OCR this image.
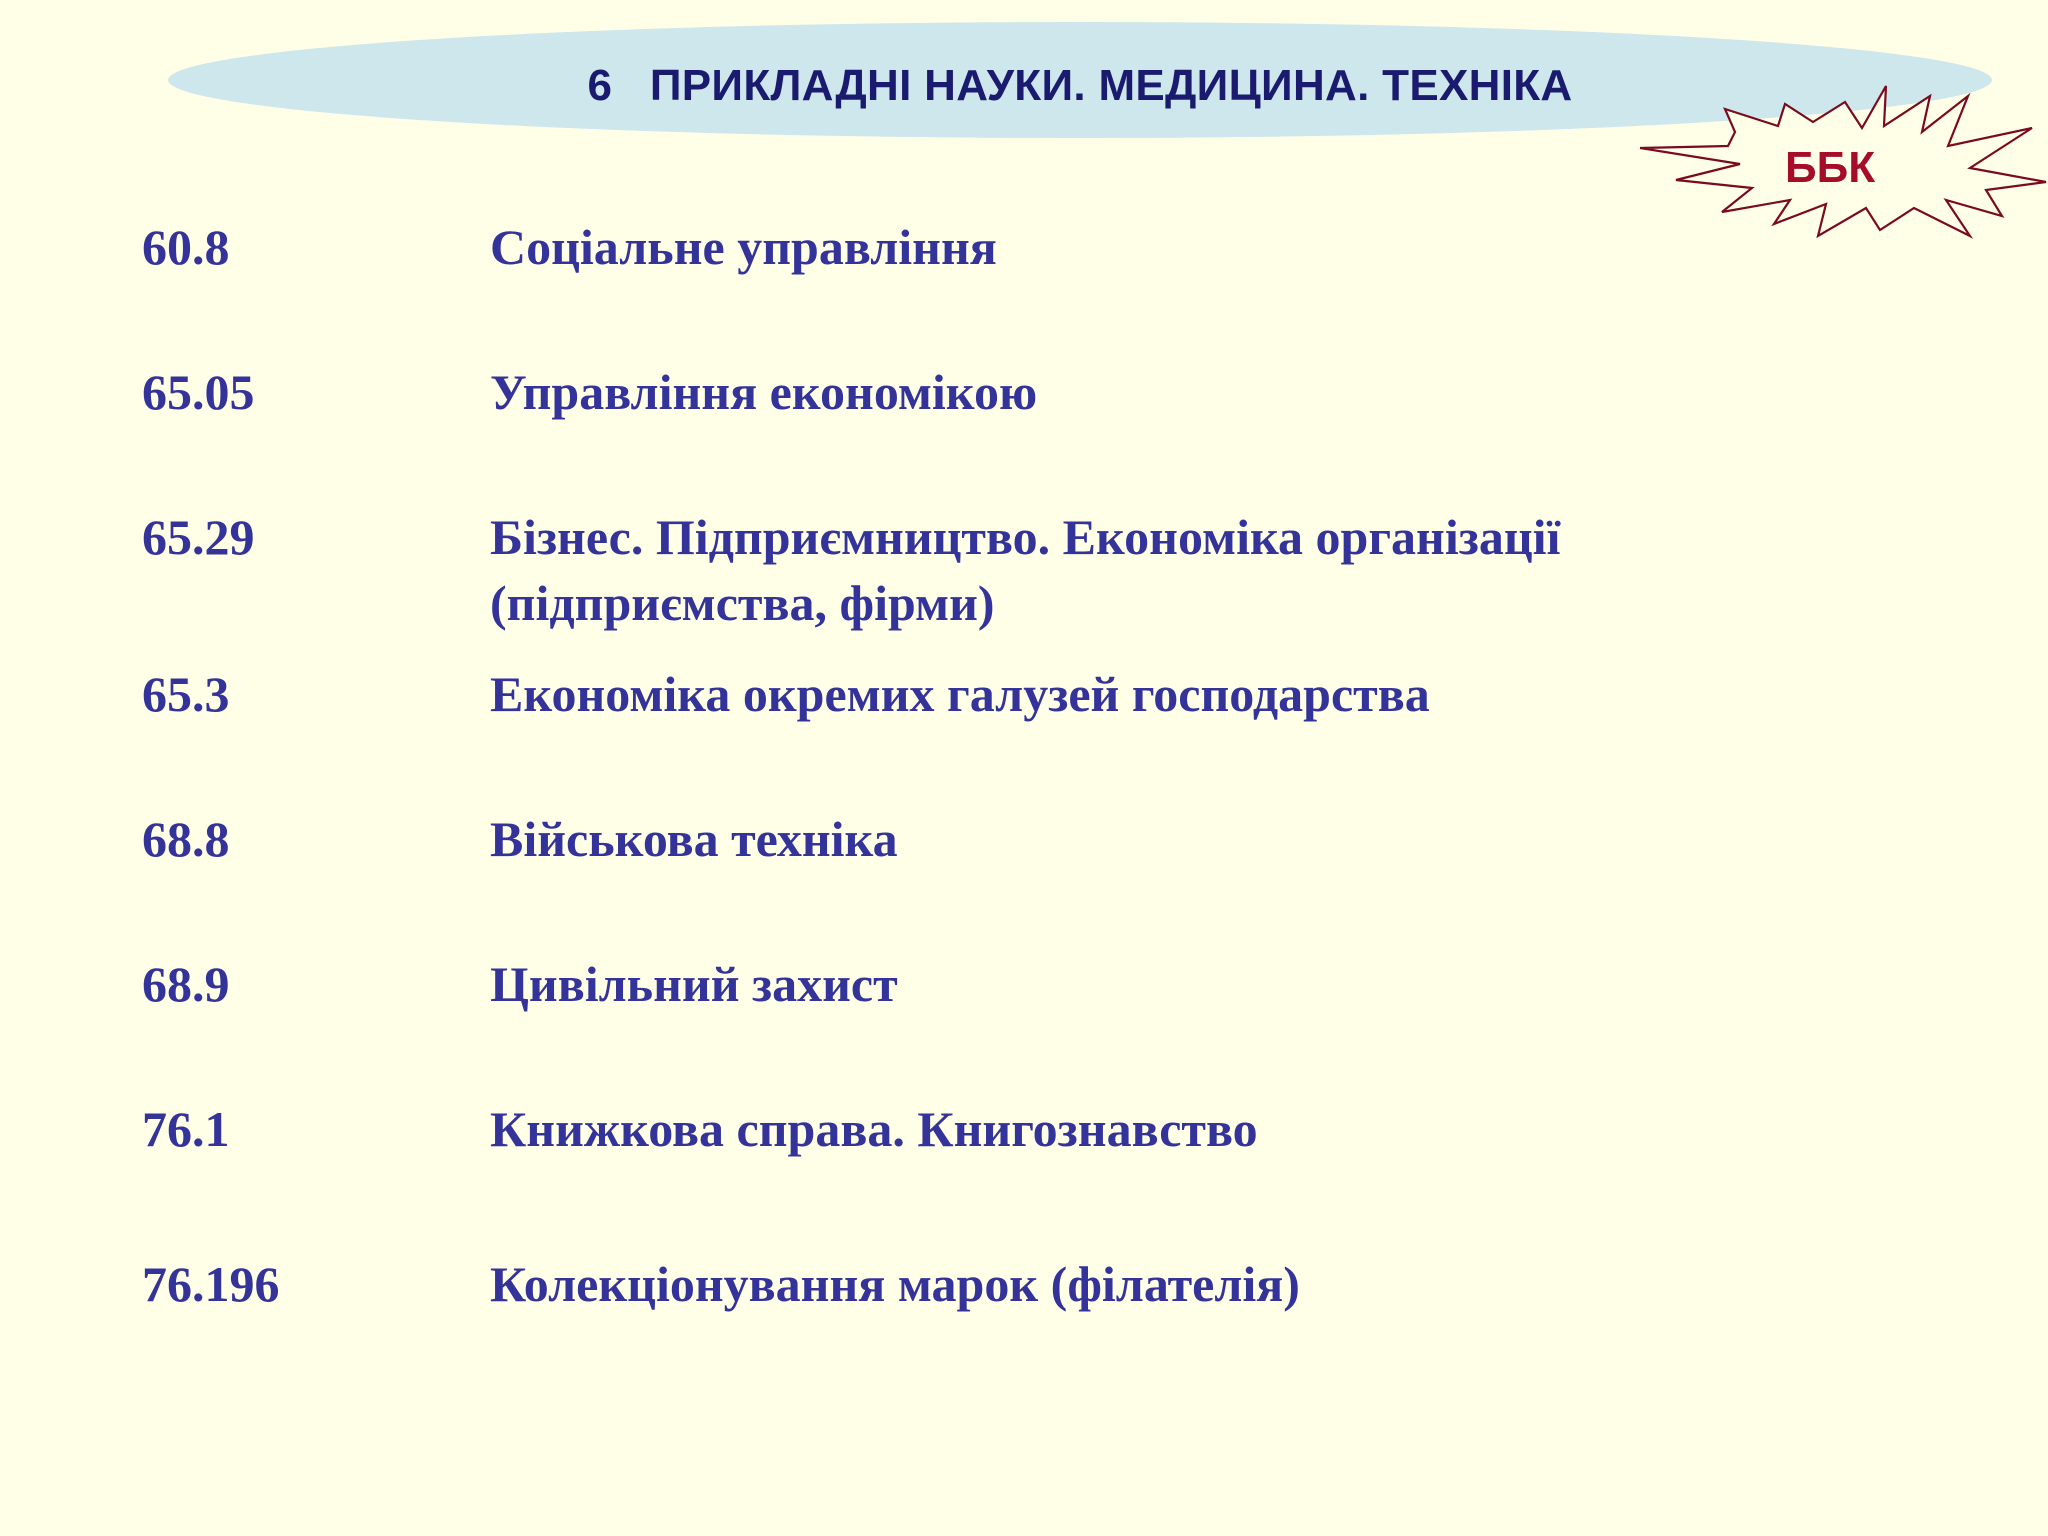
6   ПРИКЛАДНІ НАУКИ. МЕДИЦИНА. ТЕХНІКА
ББК
60.8	Соціальне управління
65.05	Управління економікою
65.29	Бізнес. Підприємництво. Економіка організації
(підприємства, фірми)
65.3	Економіка окремих галузей господарства
68.8	Військова техніка
68.9	Цивільний захист
76.1	Книжкова справа. Книгознавство
76.196	Колекціонування марок (філателія)
